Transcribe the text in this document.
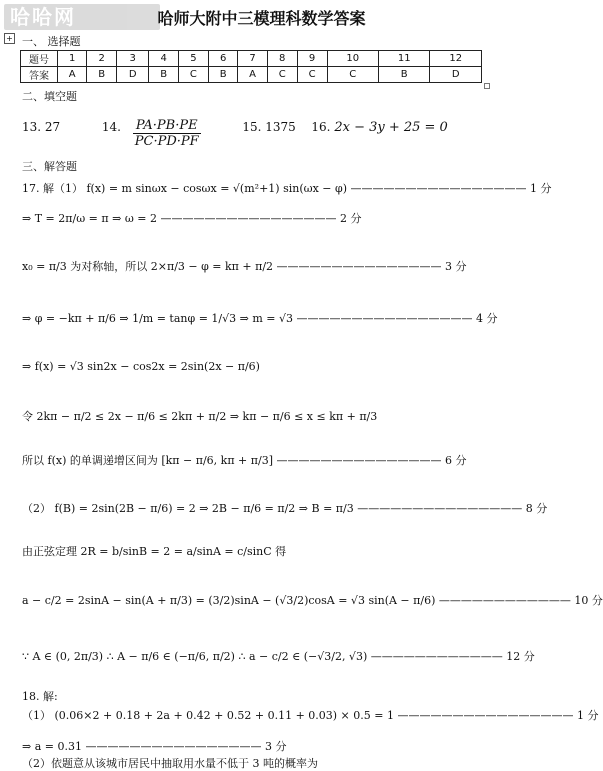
哈哈网	哈师大附中三模理科数学答案
+ 一、 选择题
题号	1	2	3	4	5	6	7	8	9	10	11	12
答案	A	B	D	B	C	B	A	C	C	C	B	D
二、填空题
13. 27	14. $\frac{PA\cdot PB\cdot PE}{PC\cdot PD\cdot PF}$	15. 1375 16. 2x − 3y + 25 = 0
三、解答题
17. 解（1） f(x) = m sinωx − cosωx = √(m²+1) sin(ωx − φ) ———————————————— 1 分
⇒ T = 2π/ω = π ⇒ ω = 2 ———————————————— 2 分
x₀ = π/3 为对称轴，所以 2×π/3 − φ = kπ + π/2 ——————————————— 3 分
⇒ φ = −kπ + π/6 ⇒ 1/m = tanφ = 1/√3 ⇒ m = √3 ———————————————— 4 分
⇒ f(x) = √3 sin2x − cos2x = 2sin(2x − π/6)
令 2kπ − π/2 ≤ 2x − π/6 ≤ 2kπ + π/2 ⇒ kπ − π/6 ≤ x ≤ kπ + π/3
所以 f(x) 的单调递增区间为 [kπ − π/6, kπ + π/3] ——————————————— 6 分
（2） f(B) = 2sin(2B − π/6) = 2 ⇒ 2B − π/6 = π/2 ⇒ B = π/3 ——————————————— 8 分
由正弦定理 2R = b/sinB = 2 = a/sinA = c/sinC 得
a − c/2 = 2sinA − sin(A + π/3) = (3/2)sinA − (√3/2)cosA = √3 sin(A − π/6) ———————————— 10 分
∵ A ∈ (0, 2π/3) ∴ A − π/6 ∈ (−π/6, π/2) ∴ a − c/2 ∈ (−√3/2, √3) ———————————— 12 分
18. 解:
（1） (0.06×2 + 0.18 + 2a + 0.42 + 0.52 + 0.11 + 0.03) × 0.5 = 1 ———————————————— 1 分
⇒ a = 0.31 ———————————————— 3 分
（2）依题意从该城市居民中抽取用水量不低于 3 吨的概率为
